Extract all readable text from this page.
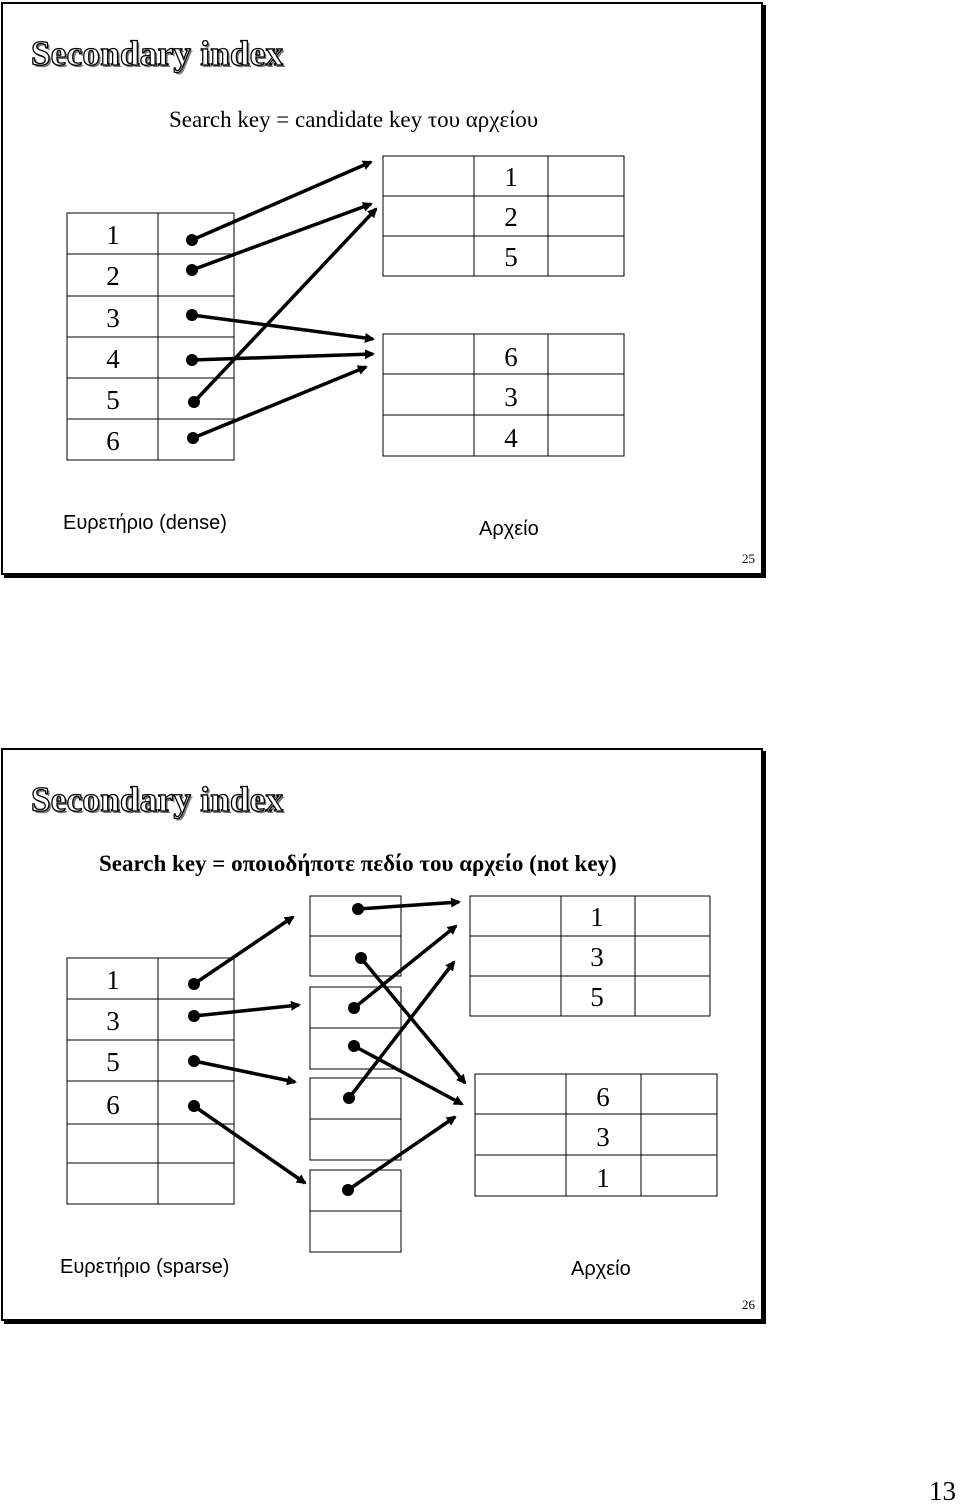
Secondary index
Search key = candidate key του αρχείου
1
2
3
4
5
6
1
2
5
6
3
4
Ευρετήριο (dense)	Αρχείο
25
Secondary index
Search key = οποιοδήποτε πεδίο του αρχείο (not key)
1
3
5
6
1
3
5
6
3
1
Ευρετήριο (sparse)	Αρχείο
26
13
